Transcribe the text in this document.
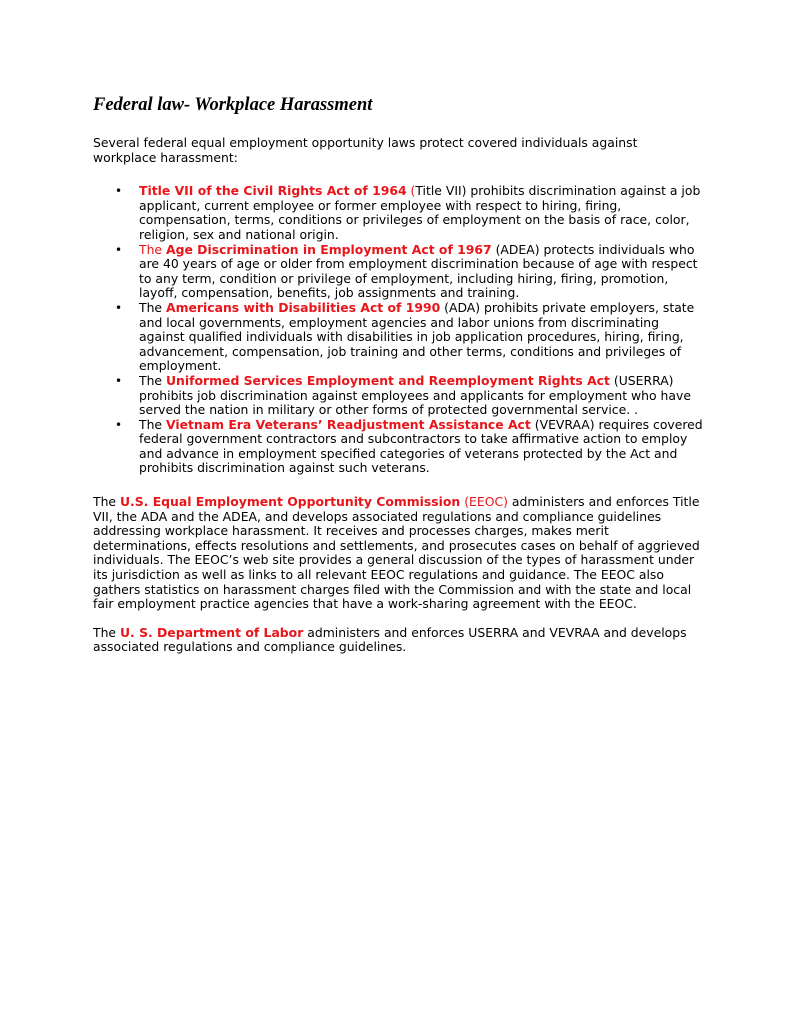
Federal law- Workplace Harassment

Several federal equal employment opportunity laws protect covered individuals against workplace harassment:

• Title VII of the Civil Rights Act of 1964 (Title VII) prohibits discrimination against a job applicant, current employee or former employee with respect to hiring, firing, compensation, terms, conditions or privileges of employment on the basis of race, color, religion, sex and national origin.
• The Age Discrimination in Employment Act of 1967 (ADEA) protects individuals who are 40 years of age or older from employment discrimination because of age with respect to any term, condition or privilege of employment, including hiring, firing, promotion, layoff, compensation, benefits, job assignments and training.
• The Americans with Disabilities Act of 1990 (ADA) prohibits private employers, state and local governments, employment agencies and labor unions from discriminating against qualified individuals with disabilities in job application procedures, hiring, firing, advancement, compensation, job training and other terms, conditions and privileges of employment.
• The Uniformed Services Employment and Reemployment Rights Act (USERRA) prohibits job discrimination against employees and applicants for employment who have served the nation in military or other forms of protected governmental service. .
• The Vietnam Era Veterans’ Readjustment Assistance Act (VEVRAA) requires covered federal government contractors and subcontractors to take affirmative action to employ and advance in employment specified categories of veterans protected by the Act and prohibits discrimination against such veterans.

The U.S. Equal Employment Opportunity Commission (EEOC) administers and enforces Title VII, the ADA and the ADEA, and develops associated regulations and compliance guidelines addressing workplace harassment. It receives and processes charges, makes merit determinations, effects resolutions and settlements, and prosecutes cases on behalf of aggrieved individuals. The EEOC’s web site provides a general discussion of the types of harassment under its jurisdiction as well as links to all relevant EEOC regulations and guidance. The EEOC also gathers statistics on harassment charges filed with the Commission and with the state and local fair employment practice agencies that have a work-sharing agreement with the EEOC.

The U. S. Department of Labor administers and enforces USERRA and VEVRAA and develops associated regulations and compliance guidelines.
